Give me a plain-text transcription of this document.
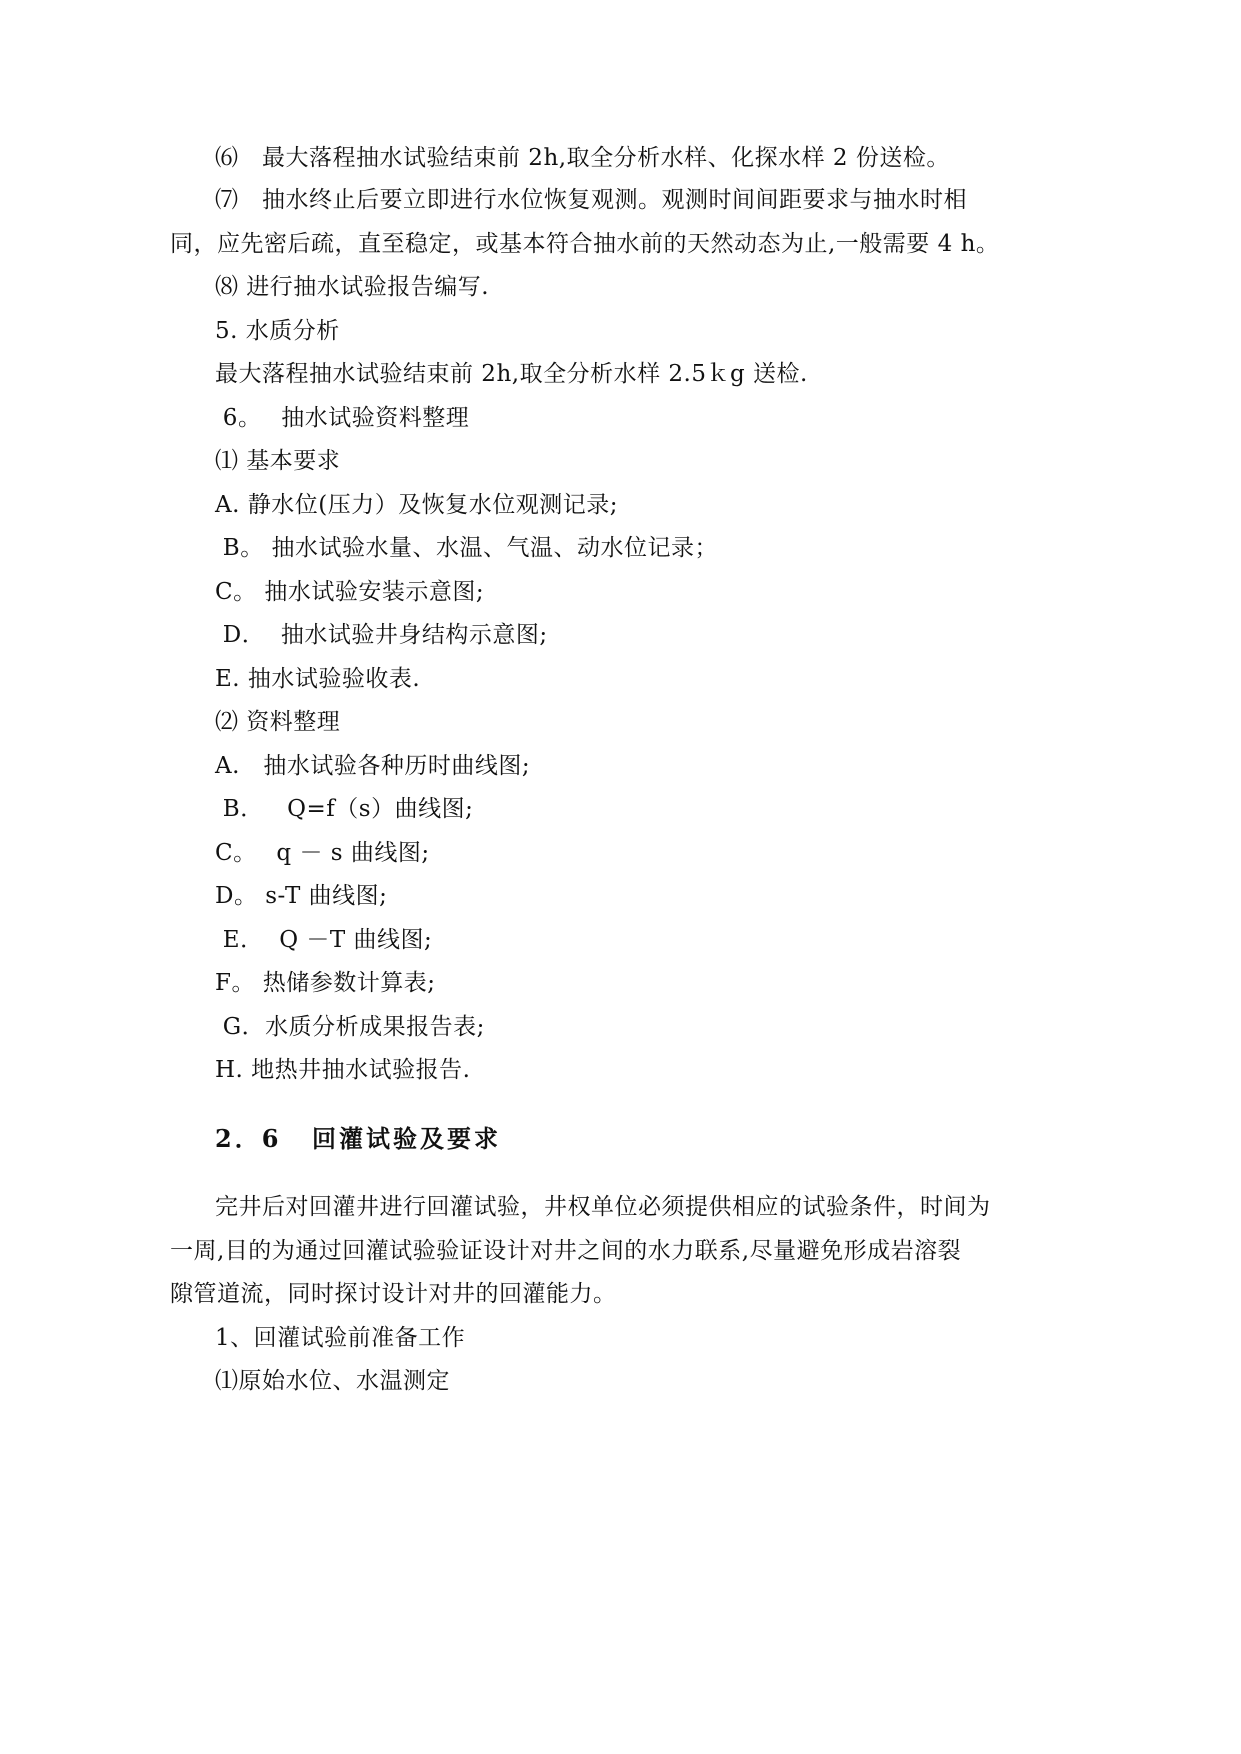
⑹　最大落程抽水试验结束前 2h,取全分析水样、化探水样 2 份送检。
⑺　抽水终止后要立即进行水位恢复观测。观测时间间距要求与抽水时相
同，应先密后疏，直至稳定，或基本符合抽水前的天然动态为止,一般需要 4 h。
⑻ 进行抽水试验报告编写.
5. 水质分析
最大落程抽水试验结束前 2h,取全分析水样 2.5ｋg 送检.
6。　 抽水试验资料整理
⑴ 基本要求
A. 静水位(压力）及恢复水位观测记录;
B。 抽水试验水量、水温、气温、动水位记录；
C。 抽水试验安装示意图;
D．  抽水试验井身结构示意图;
E. 抽水试验验收表.
⑵ 资料整理
A.　抽水试验各种历时曲线图;
B．   Q=f（s）曲线图;
C。　 q － s 曲线图;
D。 s-T 曲线图;
E．  Q －T 曲线图;
F。 热储参数计算表;
G．水质分析成果报告表;
H. 地热井抽水试验报告.
2．6 回灌试验及要求
完井后对回灌井进行回灌试验，井权单位必须提供相应的试验条件，时间为
一周,目的为通过回灌试验验证设计对井之间的水力联系,尽量避免形成岩溶裂
隙管道流，同时探讨设计对井的回灌能力。
1、回灌试验前准备工作
⑴原始水位、水温测定
